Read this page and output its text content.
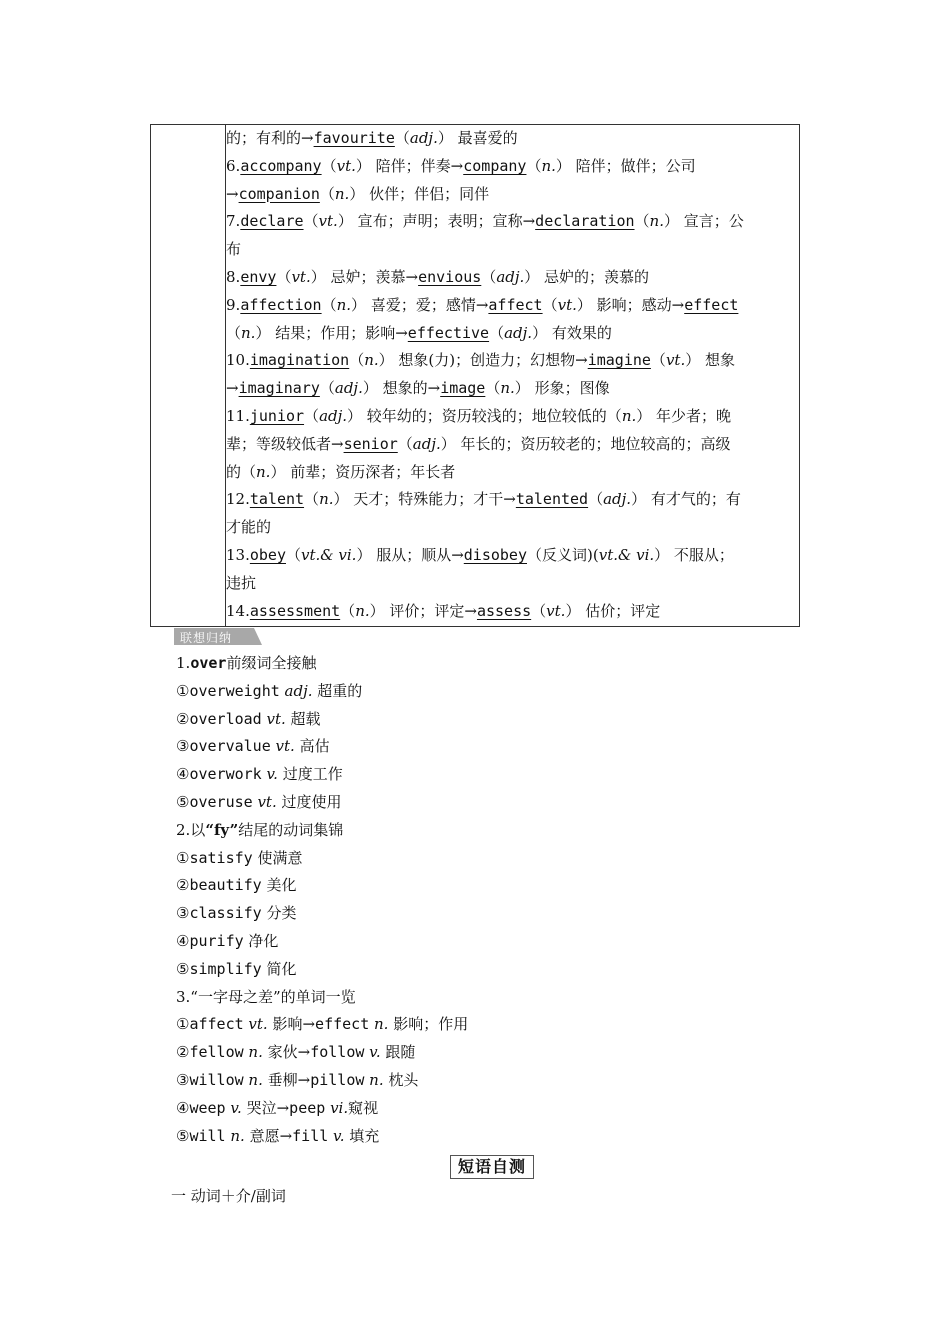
的；有利的→favourite（adj.） 最喜爱的
6.accompany（vt.） 陪伴；伴奏→company（n.） 陪伴；做伴；公司
→companion（n.） 伙伴；伴侣；同伴
7.declare（vt.） 宣布；声明；表明；宣称→declaration（n.） 宣言；公
布
8.envy（vt.） 忌妒；羡慕→envious（adj.） 忌妒的；羡慕的
9.affection（n.） 喜爱；爱；感情→affect（vt.） 影响；感动→effect
（n.） 结果；作用；影响→effective（adj.） 有效果的
10.imagination（n.） 想象(力)；创造力；幻想物→imagine（vt.） 想象
→imaginary（adj.） 想象的→image（n.） 形象；图像
11.junior（adj.） 较年幼的；资历较浅的；地位较低的（n.） 年少者；晚
辈；等级较低者→senior（adj.） 年长的；资历较老的；地位较高的；高级
的（n.） 前辈；资历深者；年长者
12.talent（n.） 天才；特殊能力；才干→talented（adj.） 有才气的；有
才能的
13.obey（vt.& vi.） 服从；顺从→disobey（反义词)(vt.& vi.） 不服从；
违抗
14.assessment（n.） 评价；评定→assess（vt.） 估价；评定
联想归纳
1.over前缀词全接触
①overweight adj. 超重的
②overload vt. 超载
③overvalue vt. 高估
④overwork v. 过度工作
⑤overuse vt. 过度使用
2.以“fy”结尾的动词集锦
①satisfy 使满意
②beautify 美化
③classify 分类
④purify 净化
⑤simplify 简化
3.“一字母之差”的单词一览
①affect vt. 影响→effect n. 影响；作用
②fellow n. 家伙→follow v. 跟随
③willow n. 垂柳→pillow n. 枕头
④weep v. 哭泣→peep vi.窥视
⑤will n. 意愿→fill v. 填充
短语自测
一 动词＋介/副词
